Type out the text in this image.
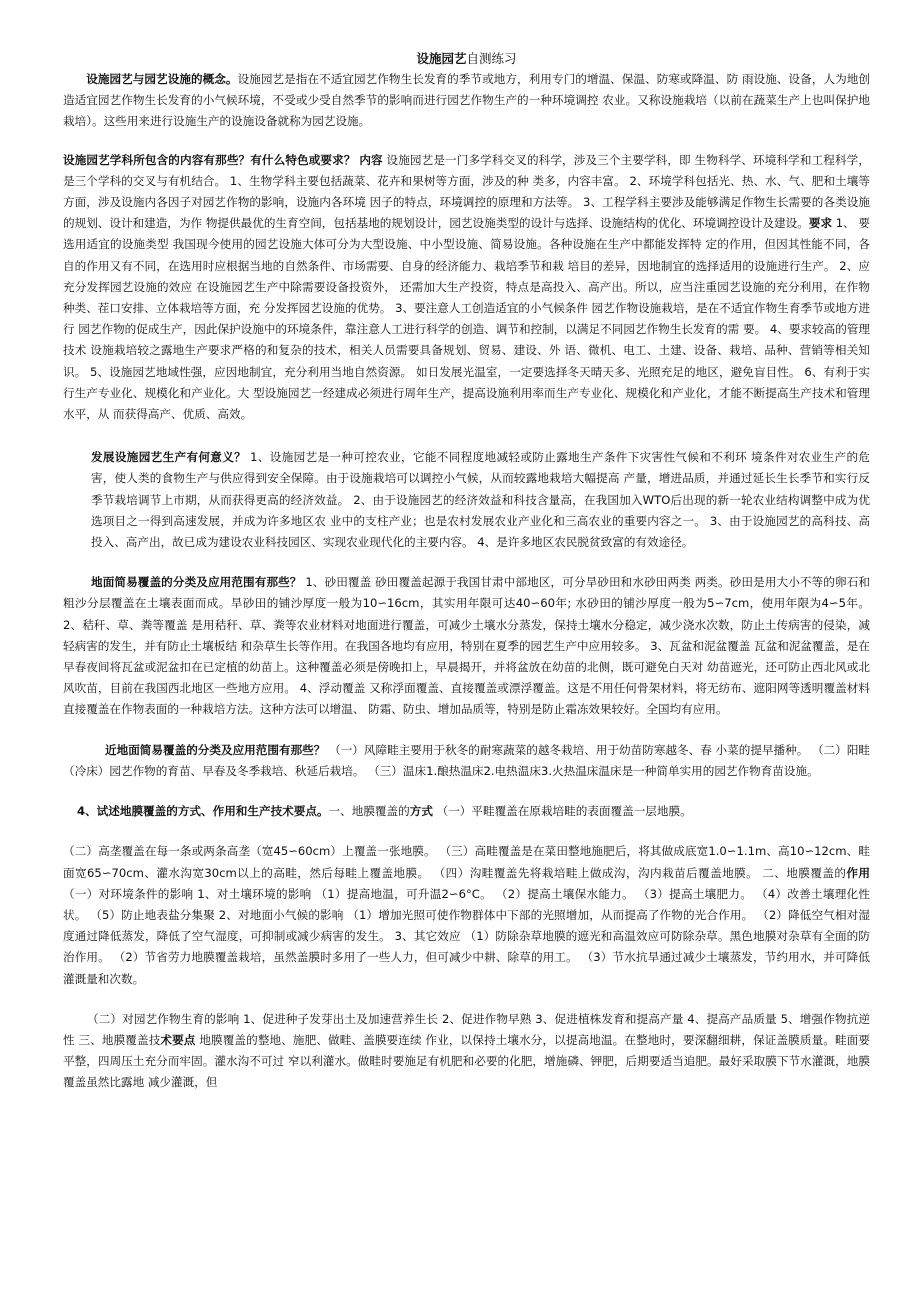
设施园艺自测练习

设施园艺与园艺设施的概念。设施园艺是指在不适宜园艺作物生长发育的季节或地方，利用专门的增温、保温、防寒或降温、防 雨设施、设备，人为地创造适宜园艺作物生长发育的小气候环境，不受或少受自然季节的影响而进行园艺作物生产的一种环境调控 农业。又称设施栽培（以前在蔬菜生产上也叫保护地栽培）。这些用来进行设施生产的设施设备就称为园艺设施。

设施园艺学科所包含的内容有那些？有什么特色或要求？ 内容 设施园艺是一门多学科交叉的科学，涉及三个主要学科，即 生物科学、环境科学和工程科学，是三个学科的交叉与有机结合。 1、生物学科主要包括蔬菜、花卉和果树等方面，涉及的种 类多，内容丰富。 2、环境学科包括光、热、水、气、肥和土壤等方面，涉及设施内各因子对园艺作物的影响，设施内各环境 因子的特点，环境调控的原理和方法等。 3、工程学科主要涉及能够满足作物生长需要的各类设施的规划、设计和建造，为作 物提供最优的生育空间，包括基地的规划设计，园艺设施类型的设计与选择、设施结构的优化、环境调控设计及建设。要求 1、 要选用适宜的设施类型 我国现今使用的园艺设施大体可分为大型设施、中小型设施、简易设施。各种设施在生产中都能发挥特 定的作用，但因其性能不同，各自的作用又有不同，在选用时应根据当地的自然条件、市场需要、自身的经济能力、栽培季节和栽 培目的差异，因地制宜的选择适用的设施进行生产。 2、应充分发挥园艺设施的效应 在设施园艺生产中除需要设备投资外， 还需加大生产投资，特点是高投入、高产出。所以，应当注重园艺设施的充分利用，在作物种类、茬口安排、立体栽培等方面，充 分发挥园艺设施的优势。 3、要注意人工创造适宜的小气候条件 园艺作物设施栽培，是在不适宜作物生育季节或地方进行 园艺作物的促成生产，因此保护设施中的环境条件，靠注意人工进行科学的创造、调节和控制，以满足不同园艺作物生长发育的需 要。 4、要求较高的管理技术 设施栽培较之露地生产要求严格的和复杂的技术，相关人员需要具备规划、贸易、建设、外 语、微机、电工、土建、设备、栽培、品种、营销等相关知识。 5、设施园艺地域性强，应因地制宜，充分利用当地自然资源。 如日发展光温室，一定要选择冬天晴天多、光照充足的地区，避免盲目性。 6、有利于实行生产专业化、规模化和产业化。大 型设施园艺一经建成必须进行周年生产，提高设施利用率而生产专业化、规模化和产业化，才能不断提高生产技术和管理水平，从 而获得高产、优质、高效。

发展设施园艺生产有何意义？ 1、设施园艺是一种可控农业，它能不同程度地减轻或防止露地生产条件下灾害性气候和不利环 境条件对农业生产的危害，使人类的食物生产与供应得到安全保障。由于设施栽培可以调控小气候，从而较露地栽培大幅提高 产量，增进品质，并通过延长生长季节和实行反季节栽培调节上市期，从而获得更高的经济效益。 2、由于设施园艺的经济效益和科技含量高，在我国加入WTO后出现的新一轮农业结构调整中成为优选项目之一得到高速发展，并成为许多地区农 业中的支柱产业；也是农村发展农业产业化和三高农业的重要内容之一。 3、由于设施园艺的高科技、高投入、高产出，故已成为建设农业科技园区、实现农业现代化的主要内容。 4、是许多地区农民脱贫致富的有效途径。

地面简易覆盖的分类及应用范围有那些？ 1、砂田覆盖 砂田覆盖起源于我国甘肃中部地区，可分旱砂田和水砂田两类 两类。砂田是用大小不等的卵石和粗沙分层覆盖在土壤表面而成。旱砂田的铺沙厚度一般为10∽16cm，其实用年限可达40∽60年; 水砂田的铺沙厚度一般为5∽7cm，使用年限为4∽5年。 2、秸秆、草、粪等覆盖 是用秸秆、草、粪等农业材料对地面进行覆盖，可减少土壤水分蒸发，保持土壤水分稳定，减少浇水次数，防止土传病害的侵染，减轻病害的发生，并有防止土壤板结 和杂草生长等作用。在我国各地均有应用，特别在夏季的园艺生产中应用较多。 3、瓦盆和泥盆覆盖 瓦盆和泥盆覆盖，是在早春夜间将瓦盆或泥盆扣在已定植的幼苗上。这种覆盖必须是傍晚扣上，早晨揭开，并将盆放在幼苗的北侧，既可避免白天对 幼苗遮光，还可防止西北风或北风吹苗，目前在我国西北地区一些地方应用。 4、浮动覆盖 又称浮面覆盖、直接覆盖或漂浮覆盖。这是不用任何骨架材料，将无纺布、遮阳网等透明覆盖材料直接覆盖在作物表面的一种栽培方法。这种方法可以增温、 防霜、防虫、增加品质等，特别是防止霜冻效果较好。全国均有应用。

近地面简易覆盖的分类及应用范围有那些？ （一）风障畦主要用于秋冬的耐寒蔬菜的越冬栽培、用于幼苗防寒越冬、春 小菜的提早播种。 （二）阳畦（冷床）园艺作物的育苗、早春及冬季栽培、秋延后栽培。 （三）温床1.酿热温床2.电热温床3.火热温床温床是一种简单实用的园艺作物育苗设施。

4、试述地膜覆盖的方式、作用和生产技术要点。一、地膜覆盖的方式 （一）平畦覆盖在原栽培畦的表面覆盖一层地膜。

（二）高垄覆盖在每一条或两条高垄（宽45∽60cm）上覆盖一张地膜。 （三）高畦覆盖是在菜田整地施肥后，将其做成底宽1.0∽1.1m、高10∽12cm、畦面宽65∽70cm、灌水沟宽30cm以上的高畦，然后每畦上覆盖地膜。 （四）沟畦覆盖先将栽培畦上做成沟，沟内栽苗后覆盖地膜。 二、地膜覆盖的作用 （一）对环境条件的影响 1、对土壤环境的影响 （1）提高地温，可升温2∽6°C。 （2）提高土壤保水能力。 （3）提高土壤肥力。 （4）改善土壤理化性状。 （5）防止地表盐分集聚 2、对地面小气候的影响 （1）增加光照可使作物群体中下部的光照增加，从而提高了作物的光合作用。 （2）降低空气相对湿度通过降低蒸发，降低了空气湿度，可抑制或减少病害的发生。 3、其它效应 （1）防除杂草地膜的遮光和高温效应可防除杂草。黑色地膜对杂草有全面的防治作用。 （2）节省劳力地膜覆盖栽培，虽然盖膜时多用了一些人力，但可减少中耕、除草的用工。 （3）节水抗旱通过减少土壤蒸发，节约用水，并可降低灌溉量和次数。

（二）对园艺作物生育的影响 1、促进种子发芽出土及加速营养生长 2、促进作物早熟 3、促进植株发育和提高产量 4、提高产品质量 5、增强作物抗逆性 三、地膜覆盖技术要点 地膜覆盖的整地、施肥、做畦、盖膜要连续 作业，以保持土壤水分，以提高地温。在整地时，要深翻细耕，保证盖膜质量。畦面要平整，四周压土充分而牢固。灌水沟不可过 窄以利灌水。做畦时要施足有机肥和必要的化肥，增施磷、钾肥，后期要适当追肥。最好采取膜下节水灌溉，地膜覆盖虽然比露地 减少灌溉，但
